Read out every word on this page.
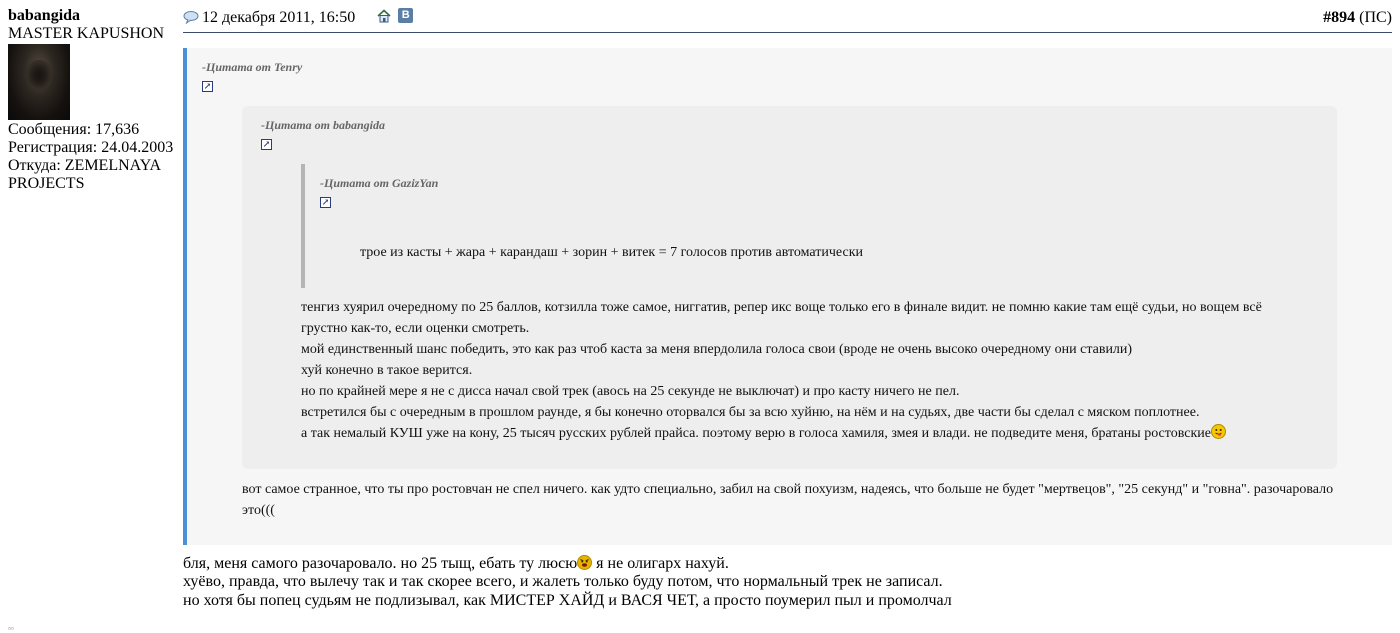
babangida
MASTER KAPUSHON
Сообщения: 17,636
Регистрация: 24.04.2003
Откуда: ZEMELNAYA
PROJECTS
12 декабря 2011, 16:50	B	#894 (ПС)
-Цитата от Tenry
↗
вот самое странное, что ты про ростовчан не спел ничего. как удто специально, забил на свой похуизм, надеясь, что больше не будет "мертвецов", "25 секунд" и "говна". разочаровало
это(((
-Цитата от babangida
↗
тенгиз хуярил очередному по 25 баллов, котзилла тоже самое, ниггатив, репер икс воще только его в финале видит. не помню какие там ещё судьи, но вощем всё
грустно как-то, если оценки смотреть.
мой единственный шанс победить, это как раз чтоб каста за меня впердолила голоса свои (вроде не очень высоко очередному они ставили)
хуй конечно в такое верится.
но по крайней мере я не с дисса начал свой трек (авось на 25 секунде не выключат) и про касту ничего не пел.
встретился бы с очередным в прошлом раунде, я бы конечно оторвался бы за всю хуйню, на нём и на судьях, две части бы сделал с мяском поплотнее.
а так немалый КУШ уже на кону, 25 тысяч русских рублей прайса. поэтому верю в голоса хамиля, змея и влади. не подведите меня, братаны ростовские
-Цитата от GazizYan
↗
трое из касты + жара + карандаш + зорин + витек = 7 голосов против автоматически
бля, меня самого разочаровало. но 25 тыщ, ебать ту люсю
я не олигарх нахуй.
хуёво, правда, что вылечу так и так скорее всего, и жалеть только буду потом, что нормальный трек не записал.
но хотя бы попец судьям не подлизывал, как МИСТЕР ХАЙД и ВАСЯ ЧЕТ, а просто поумерил пыл и промолчал
▫▫
